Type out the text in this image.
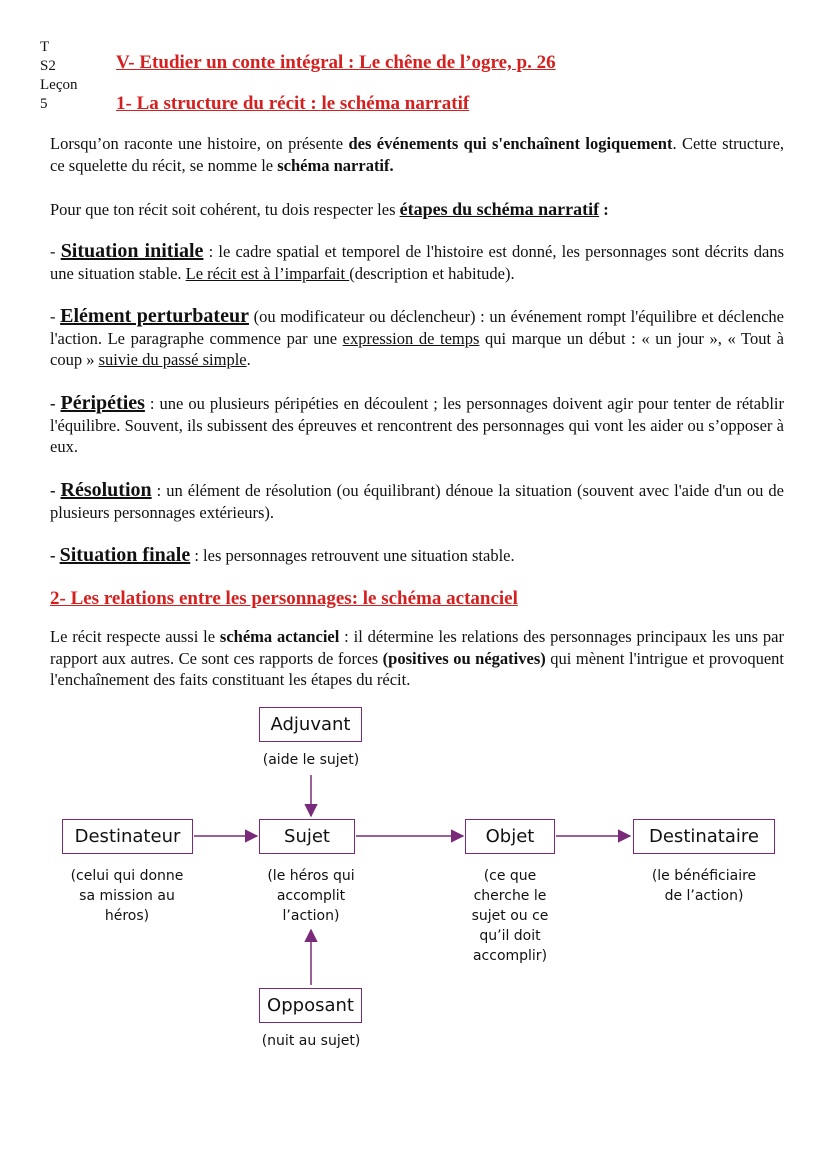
T
S2
Leçon
5
V- Etudier un conte intégral : Le chêne de l’ogre, p. 26
1- La structure du récit : le schéma narratif
Lorsqu’on raconte une histoire, on présente des événements qui s'enchaînent logiquement. Cette structure, ce squelette du récit, se nomme le schéma narratif.
Pour que ton récit soit cohérent, tu dois respecter les étapes du schéma narratif :
- Situation initiale : le cadre spatial et temporel de l'histoire est donné, les personnages sont décrits dans une situation stable. Le récit est à l’imparfait (description et habitude).
- Elément perturbateur (ou modificateur ou déclencheur) : un événement rompt l'équilibre et déclenche l'action. Le paragraphe commence par une expression de temps qui marque un début : « un jour », « Tout à coup » suivie du passé simple.
- Péripéties : une ou plusieurs péripéties en découlent ; les personnages doivent agir pour tenter de rétablir l'équilibre. Souvent, ils subissent des épreuves et rencontrent des personnages qui vont les aider ou s’opposer à eux.
- Résolution : un élément de résolution (ou équilibrant) dénoue la situation (souvent avec l'aide d'un ou de plusieurs personnages extérieurs).
- Situation finale : les personnages retrouvent une situation stable.
2- Les relations entre les personnages: le schéma actanciel
Le récit respecte aussi le schéma actanciel : il détermine les relations des personnages principaux les uns par rapport aux autres. Ce sont ces rapports de forces (positives ou négatives) qui mènent l'intrigue et provoquent l'enchaînement des faits constituant les étapes du récit.
Adjuvant
(aide le sujet)
Destinateur
(celui qui donne
sa mission au
héros)
Sujet
(le héros qui
accomplit
l’action)
Objet
(ce que
cherche le
sujet ou ce
qu’il doit
accomplir)
Destinataire
(le bénéficiaire
de l’action)
Opposant
(nuit au sujet)
